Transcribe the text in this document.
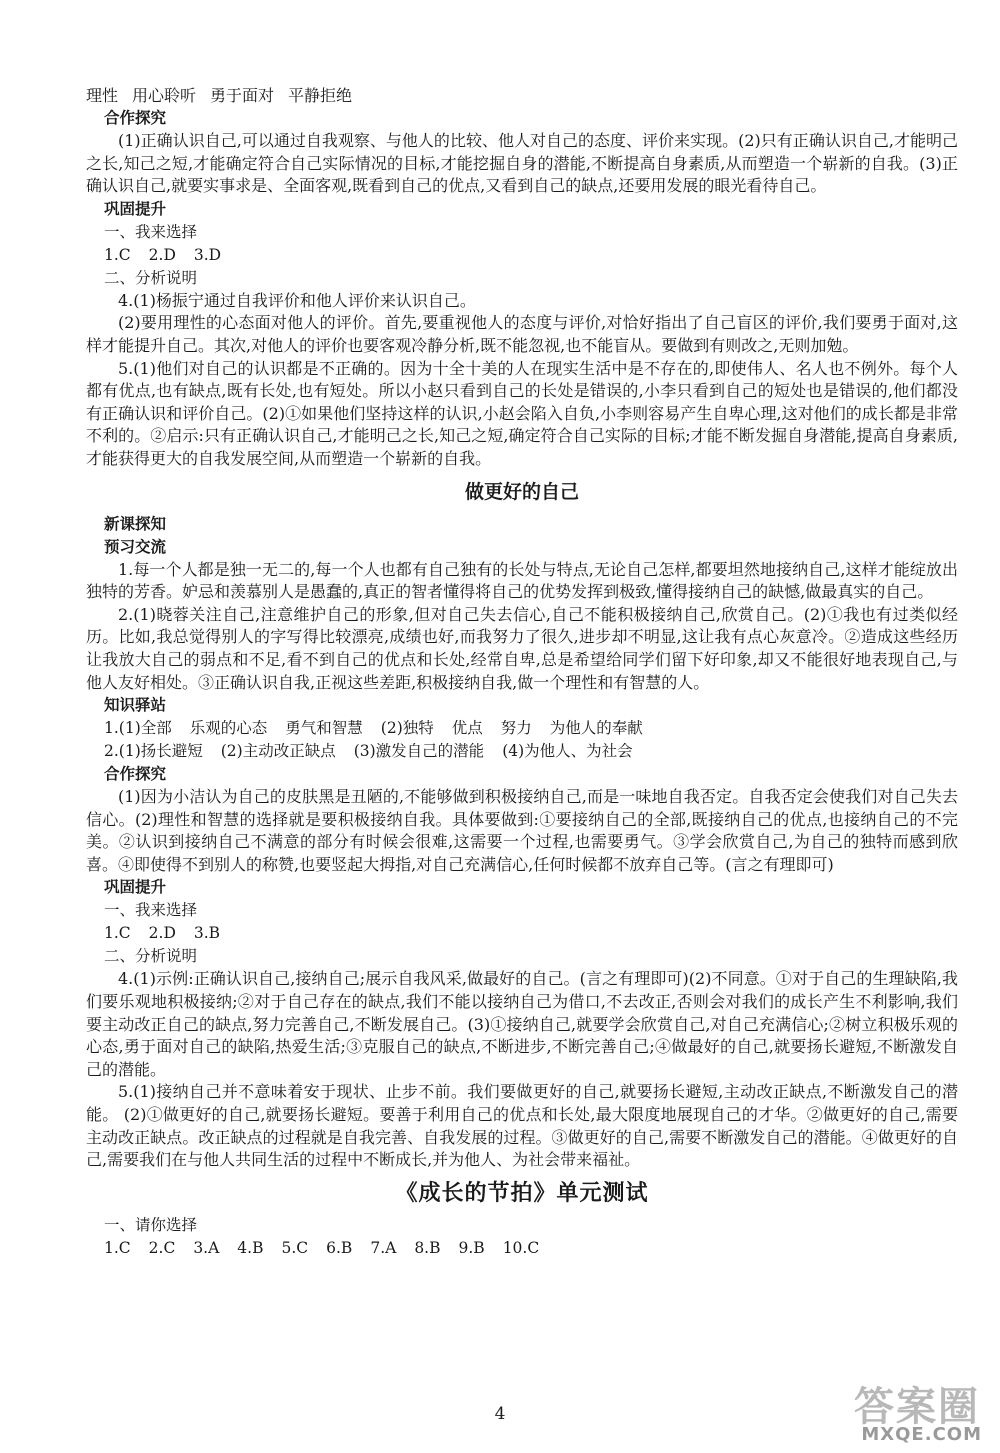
理性 用心聆听 勇于面对 平静拒绝

合作探究

(1)正确认识自己,可以通过自我观察、与他人的比较、他人对自己的态度、评价来实现。(2)只有正确认识自己,才能明己之长,知己之短,才能确定符合自己实际情况的目标,才能挖掘自身的潜能,不断提高自身素质,从而塑造一个崭新的自我。(3)正确认识自己,就要实事求是、全面客观,既看到自己的优点,又看到自己的缺点,还要用发展的眼光看待自己。

巩固提升

一、我来选择

1.C 2.D 3.D

二、分析说明

4.(1)杨振宁通过自我评价和他人评价来认识自己。

(2)要用理性的心态面对他人的评价。首先,要重视他人的态度与评价,对恰好指出了自己盲区的评价,我们要勇于面对,这样才能提升自己。其次,对他人的评价也要客观冷静分析,既不能忽视,也不能盲从。要做到有则改之,无则加勉。

5.(1)他们对自己的认识都是不正确的。因为十全十美的人在现实生活中是不存在的,即使伟人、名人也不例外。每个人都有优点,也有缺点,既有长处,也有短处。所以小赵只看到自己的长处是错误的,小李只看到自己的短处也是错误的,他们都没有正确认识和评价自己。(2)①如果他们坚持这样的认识,小赵会陷入自负,小李则容易产生自卑心理,这对他们的成长都是非常不利的。②启示:只有正确认识自己,才能明己之长,知己之短,确定符合自己实际的目标;才能不断发掘自身潜能,提高自身素质,才能获得更大的自我发展空间,从而塑造一个崭新的自我。

做更好的自己

新课探知

预习交流

1.每一个人都是独一无二的,每一个人也都有自己独有的长处与特点,无论自己怎样,都要坦然地接纳自己,这样才能绽放出独特的芳香。妒忌和羡慕别人是愚蠢的,真正的智者懂得将自己的优势发挥到极致,懂得接纳自己的缺憾,做最真实的自己。

2.(1)晓蓉关注自己,注意维护自己的形象,但对自己失去信心,自己不能积极接纳自己,欣赏自己。(2)①我也有过类似经历。比如,我总觉得别人的字写得比较漂亮,成绩也好,而我努力了很久,进步却不明显,这让我有点心灰意冷。②造成这些经历让我放大自己的弱点和不足,看不到自己的优点和长处,经常自卑,总是希望给同学们留下好印象,却又不能很好地表现自己,与他人友好相处。③正确认识自我,正视这些差距,积极接纳自我,做一个理性和有智慧的人。

知识驿站

1.(1)全部 乐观的心态 勇气和智慧 (2)独特 优点 努力 为他人的奉献

2.(1)扬长避短 (2)主动改正缺点 (3)激发自己的潜能 (4)为他人、为社会

合作探究

(1)因为小洁认为自己的皮肤黑是丑陋的,不能够做到积极接纳自己,而是一味地自我否定。自我否定会使我们对自己失去信心。(2)理性和智慧的选择就是要积极接纳自我。具体要做到:①要接纳自己的全部,既接纳自己的优点,也接纳自己的不完美。②认识到接纳自己不满意的部分有时候会很难,这需要一个过程,也需要勇气。③学会欣赏自己,为自己的独特而感到欣喜。④即使得不到别人的称赞,也要竖起大拇指,对自己充满信心,任何时候都不放弃自己等。(言之有理即可)

巩固提升

一、我来选择

1.C 2.D 3.B

二、分析说明

4.(1)示例:正确认识自己,接纳自己;展示自我风采,做最好的自己。(言之有理即可)(2)不同意。①对于自己的生理缺陷,我们要乐观地积极接纳;②对于自己存在的缺点,我们不能以接纳自己为借口,不去改正,否则会对我们的成长产生不利影响,我们要主动改正自己的缺点,努力完善自己,不断发展自己。(3)①接纳自己,就要学会欣赏自己,对自己充满信心;②树立积极乐观的心态,勇于面对自己的缺陷,热爱生活;③克服自己的缺点,不断进步,不断完善自己;④做最好的自己,就要扬长避短,不断激发自己的潜能。

5.(1)接纳自己并不意味着安于现状、止步不前。我们要做更好的自己,就要扬长避短,主动改正缺点,不断激发自己的潜能。 (2)①做更好的自己,就要扬长避短。要善于利用自己的优点和长处,最大限度地展现自己的才华。②做更好的自己,需要主动改正缺点。改正缺点的过程就是自我完善、自我发展的过程。③做更好的自己,需要不断激发自己的潜能。④做更好的自己,需要我们在与他人共同生活的过程中不断成长,并为他人、为社会带来福祉。

《成长的节拍》单元测试

一、请你选择

1.C 2.C 3.A 4.B 5.C 6.B 7.A 8.B 9.B 10.C

4	答案圈
MXQE.COM
